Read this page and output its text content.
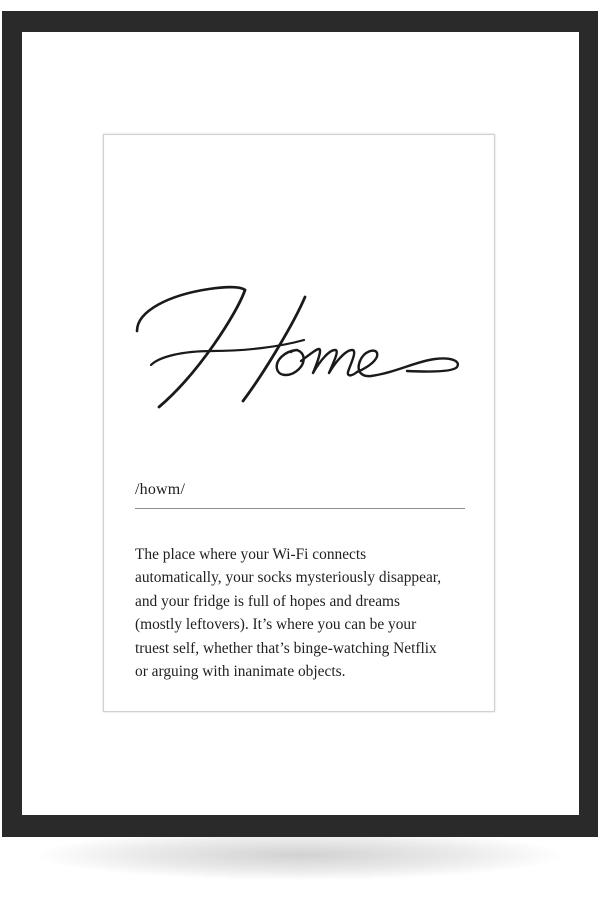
/howm/
The place where your Wi-Fi connects
automatically, your socks mysteriously disappear,
and your fridge is full of hopes and dreams
(mostly leftovers). It’s where you can be your
truest self, whether that’s binge-watching Netflix
or arguing with inanimate objects.
